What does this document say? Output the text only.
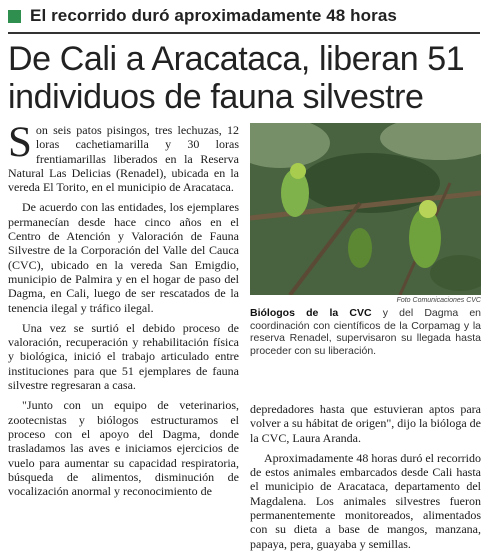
El recorrido duró aproximadamente 48 horas
De Cali a Aracataca, liberan 51 individuos de fauna silvestre

Son seis patos pisingos, tres lechuzas, 12 loras cachetiamarilla y 30 loras frentiamarillas liberados en la Reserva Natural Las Delicias (Renadel), ubicada en la vereda El Torito, en el municipio de Aracataca.

De acuerdo con las entidades, los ejemplares permanecían desde hace cinco años en el Centro de Atención y Valoración de Fauna Silvestre de la Corporación del Valle del Cauca (CVC), ubicado en la vereda San Emigdio, municipio de Palmira y en el hogar de paso del Dagma, en Cali, luego de ser rescatados de la tenencia ilegal y tráfico ilegal.

Una vez se surtió el debido proceso de valoración, recuperación y rehabilitación física y biológica, inició el trabajo articulado entre instituciones para que 51 ejemplares de fauna silvestre regresaran a casa.

"Junto con un equipo de veterinarios, zootecnistas y biólogos estructuramos el proceso con el apoyo del Dagma, donde trasladamos las aves e iniciamos ejercicios de vuelo para aumentar su capacidad respiratoria, búsqueda de alimentos, disminución de vocalización anormal y reconocimiento de

Foto Comunicaciones CVC
Biólogos de la CVC y del Dagma en coordinación con científicos de la Corpamag y la reserva Renadel, supervisaron su llegada hasta proceder con su liberación.

depredadores hasta que estuvieran aptos para volver a su hábitat de origen", dijo la bióloga de la CVC, Laura Aranda.

Aproximadamente 48 horas duró el recorrido de estos animales embarcados desde Cali hasta el municipio de Aracataca, departamento del Magdalena. Los animales silvestres fueron permanentemente monitoreados, alimentados con su dieta a base de mangos, manzana, papaya, pera, guayaba y semillas.
